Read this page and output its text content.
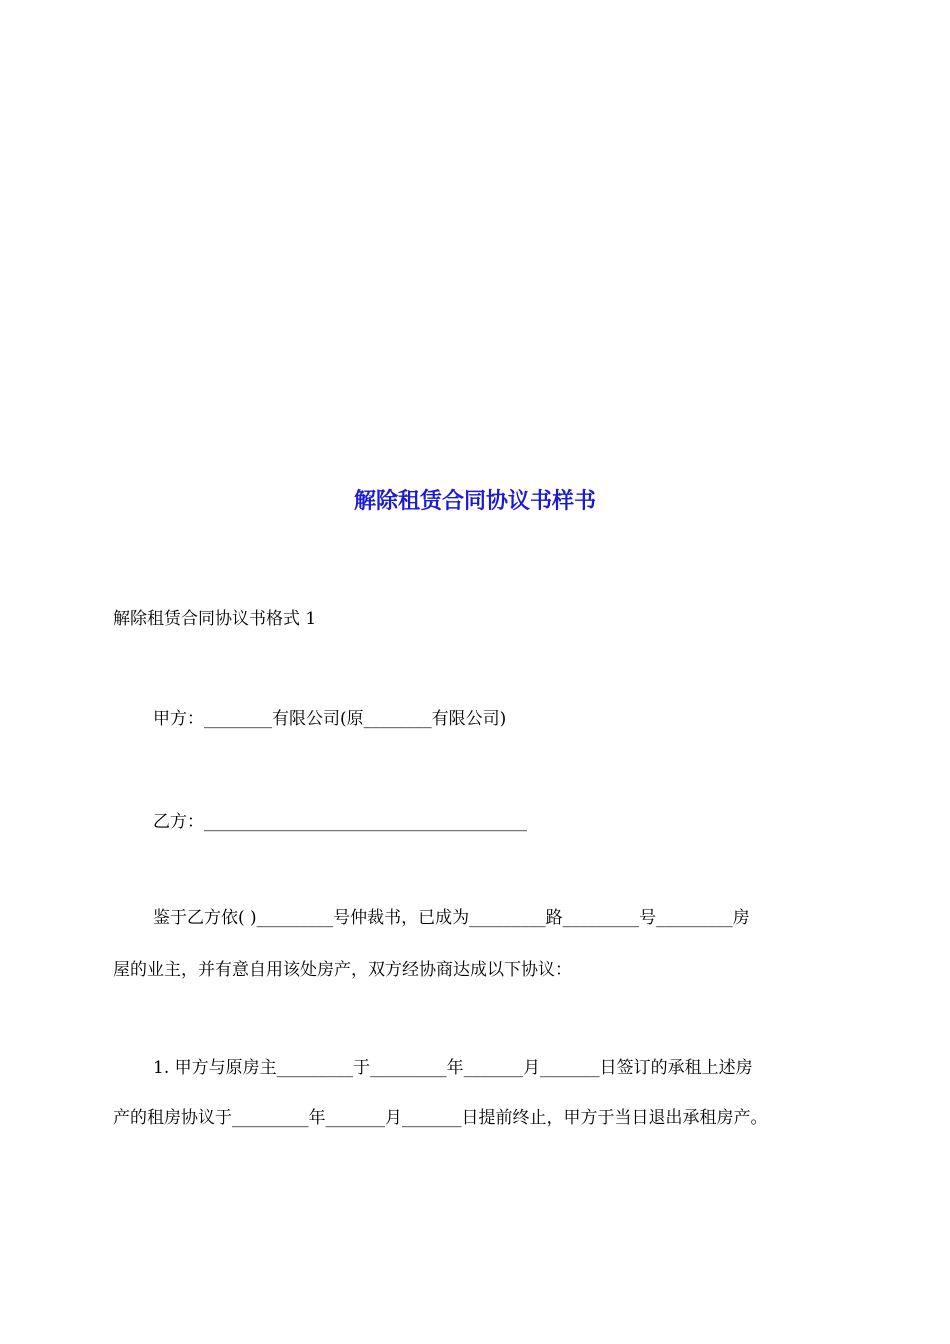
解除租赁合同协议书样书
解除租赁合同协议书格式 1
甲方：________有限公司(原________有限公司)
乙方：______________________________________
鉴于乙方依( )_________号仲裁书，已成为_________路_________号_________房
屋的业主，并有意自用该处房产，双方经协商达成以下协议：
1. 甲方与原房主_________于_________年_______月_______日签订的承租上述房
产的租房协议于_________年_______月_______日提前终止，甲方于当日退出承租房产。
